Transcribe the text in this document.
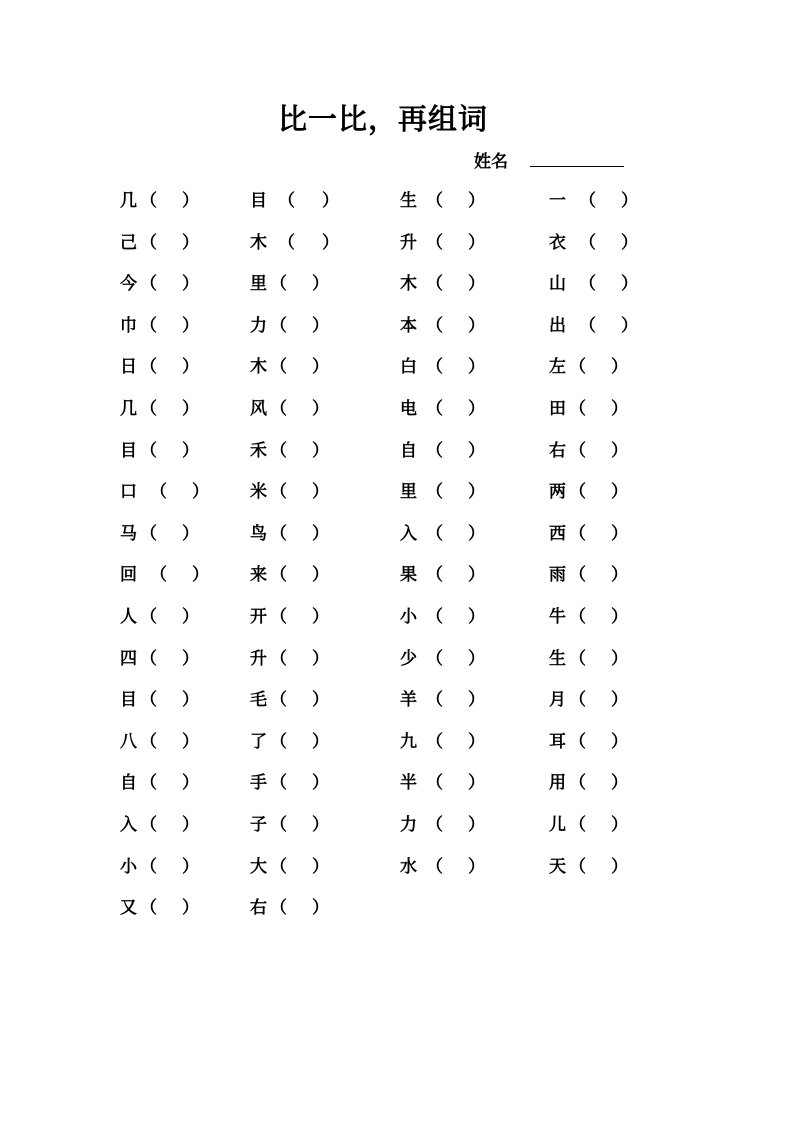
比一比，再组词
姓名
几 （ ）	目 （ ）	生 （ ）	一 （ ）
己 （ ）	木 （ ）	升 （ ）	衣 （ ）
今 （ ）	里 （ ）	木 （ ）	山 （ ）
巾 （ ）	力 （ ）	本 （ ）	出 （ ）
日 （ ）	木 （ ）	白 （ ）	左 （ ）
几 （ ）	风 （ ）	电 （ ）	田 （ ）
目 （ ）	禾 （ ）	自 （ ）	右 （ ）
口 （ ） 米 （ ）	里 （ ）	两 （ ）
马 （ ）	鸟 （ ）	入 （ ）	西 （ ）
回 （ ） 来 （ ）	果 （ ）	雨 （ ）
人 （ ）	开 （ ）	小 （ ）	牛 （ ）
四 （ ）	升 （ ）	少 （ ）	生 （ ）
目 （ ）	毛 （ ）	羊 （ ）	月 （ ）
八 （ ）	了 （ ）	九 （ ）	耳 （ ）
自 （ ）	手 （ ）	半 （ ）	用 （ ）
入 （ ）	子 （ ）	力 （ ）	儿 （ ）
小 （ ）	大 （ ）	水 （ ）	天 （ ）
又 （ ）	右 （ ）
